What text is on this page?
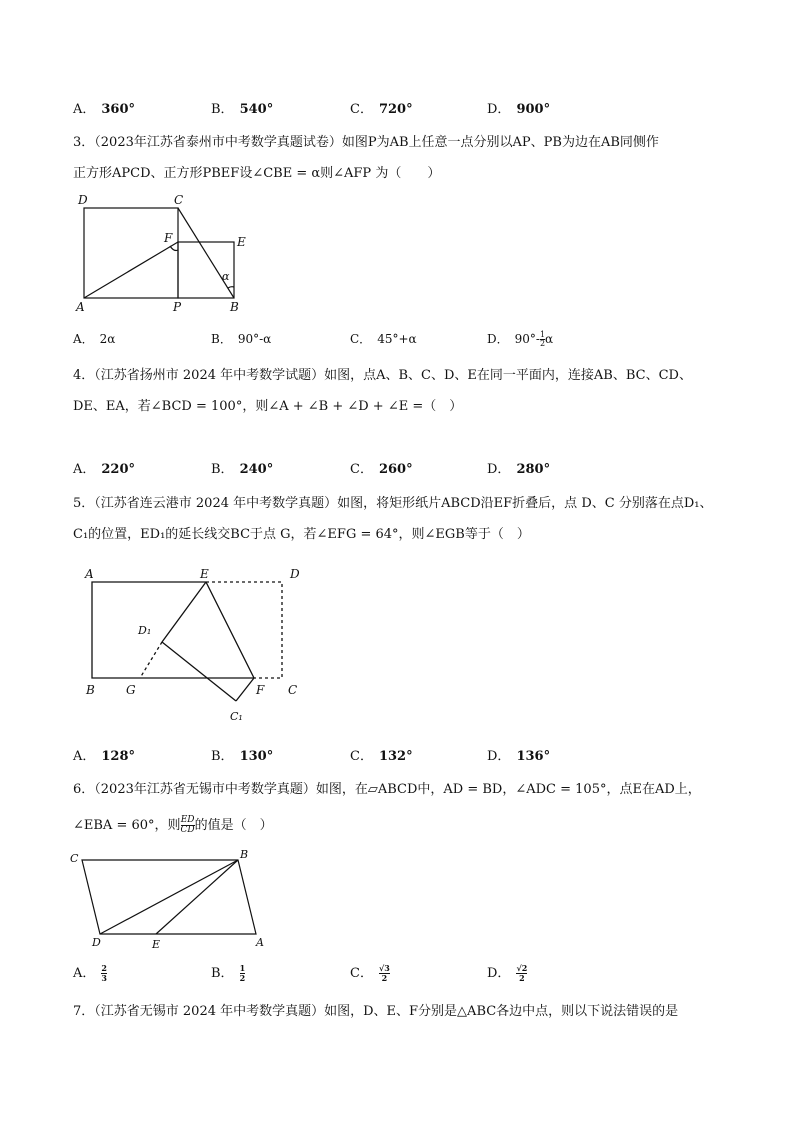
A． 360°	B． 540°	C． 720°	D． 900°
3．（2023年江苏省泰州市中考数学真题试卷）如图P为AB上任意一点分别以AP、PB为边在AB同侧作
正方形APCD、正方形PBEF设∠CBE = α则∠AFP 为（　　）
D	C
F	E
α
A	P	B
A． 2α	B． 90°-α	C． 45°+α	D． $90^\circ- \frac{1}{2}$ α
4．（江苏省扬州市 2024 年中考数学试题）如图，点A、B、C、D、E在同一平面内，连接AB、BC、CD、
DE、EA，若∠BCD = 100°，则∠A + ∠B + ∠D + ∠E =（　）
A． 220°	B． 240°	C． 260°	D． 280°
5．（江苏省连云港市 2024 年中考数学真题）如图，将矩形纸片ABCD沿EF折叠后，点 D、C 分别落在点D₁、
C₁的位置，ED₁的延长线交BC于点 G，若∠EFG = 64°，则∠EGB等于（　）
A	E	D
D₁
B	G	F C
C₁
A． 128°	B． 130°	C． 132°	D． 136°
6．（2023年江苏省无锡市中考数学真题）如图，在▱ABCD中，AD = BD，∠ADC = 105°，点E在AD上，
∠EBA = 60°，则 $\frac{ED}{CD}$ 的值是（　）
C	B
D	E	A
A． $\frac{2}{3}$	B． $\frac{1}{2}$	C． $\frac{√3}{2}$	D． $\frac{√2}{2}$
7．（江苏省无锡市 2024 年中考数学真题）如图，D、E、F分别是△ABC各边中点，则以下说法错误的是
